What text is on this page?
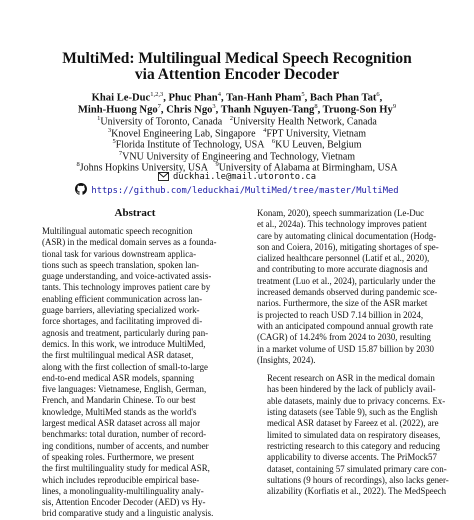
MultiMed: Multilingual Medical Speech Recognition
via Attention Encoder Decoder
Khai Le-Duc$^{1,2,3}$, Phuc Phan$^4$, Tan-Hanh Pham$^5$, Bach Phan Tat$^6$,
Minh-Huong Ngo$^7$, Chris Ngo$^3$, Thanh Nguyen-Tang$^8$, Truong-Son Hy$^9$
$^1$University of Toronto, Canada $^2$University Health Network, Canada
$^3$Knovel Engineering Lab, Singapore $^4$FPT University, Vietnam
$^5$Florida Institute of Technology, USA $^6$KU Leuven, Belgium
$^7$VNU University of Engineering and Technology, Vietnam
$^8$Johns Hopkins University, USA $^9$University of Alabama at Birmingham, USA
duckhai.le@mail.utoronto.ca
https://github.com/leduckhai/MultiMed/tree/master/MultiMed
Abstract
Multilingual automatic speech recognition
(ASR) in the medical domain serves as a founda-
tional task for various downstream applica-
tions such as speech translation, spoken lan-
guage understanding, and voice-activated assis-
tants. This technology improves patient care by
enabling efficient communication across lan-
guage barriers, alleviating specialized work-
force shortages, and facilitating improved di-
agnosis and treatment, particularly during pan-
demics. In this work, we introduce MultiMed,
the first multilingual medical ASR dataset,
along with the first collection of small-to-large
end-to-end medical ASR models, spanning
five languages: Vietnamese, English, German,
French, and Mandarin Chinese. To our best
knowledge, MultiMed stands as the world's
largest medical ASR dataset across all major
benchmarks: total duration, number of record-
ing conditions, number of accents, and number
of speaking roles. Furthermore, we present
the first multilinguality study for medical ASR,
which includes reproducible empirical base-
lines, a monolinguality-multilinguality analy-
sis, Attention Encoder Decoder (AED) vs Hy-
brid comparative study and a linguistic analysis.

Konam, 2020), speech summarization (Le-Duc
et al., 2024a). This technology improves patient
care by automating clinical documentation (Hodg-
son and Coiera, 2016), mitigating shortages of spe-
cialized healthcare personnel (Latif et al., 2020),
and contributing to more accurate diagnosis and
treatment (Luo et al., 2024), particularly under the
increased demands observed during pandemic sce-
narios. Furthermore, the size of the ASR market
is projected to reach USD 7.14 billion in 2024,
with an anticipated compound annual growth rate
(CAGR) of 14.24% from 2024 to 2030, resulting
in a market volume of USD 15.87 billion by 2030
(Insights, 2024).

Recent research on ASR in the medical domain
has been hindered by the lack of publicly avail-
able datasets, mainly due to privacy concerns. Ex-
isting datasets (see Table 9), such as the English
medical ASR dataset by Fareez et al. (2022), are
limited to simulated data on respiratory diseases,
restricting research to this category and reducing
applicability to diverse accents. The PriMock57
dataset, containing 57 simulated primary care con-
sultations (9 hours of recordings), also lacks gener-
alizability (Korfiatis et al., 2022). The MedSpeech
